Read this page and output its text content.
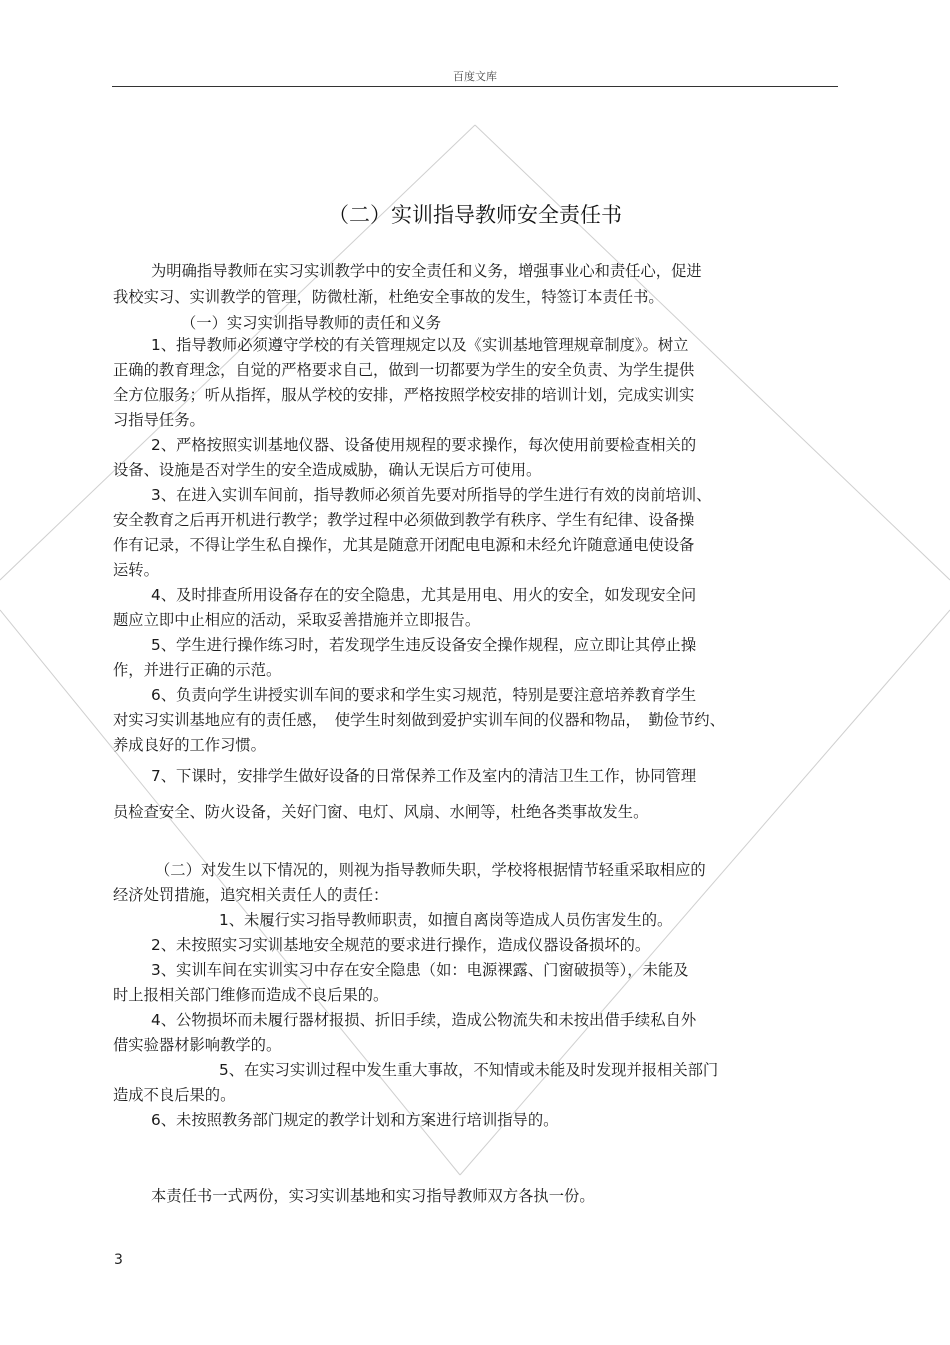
百度文库
（二）实训指导教师安全责任书
为明确指导教师在实习实训教学中的安全责任和义务，增强事业心和责任心，促进
我校实习、实训教学的管理，防微杜渐，杜绝安全事故的发生，特签订本责任书。
（一）实习实训指导教师的责任和义务
1、指导教师必须遵守学校的有关管理规定以及《实训基地管理规章制度》。树立
正确的教育理念，自觉的严格要求自己，做到一切都要为学生的安全负责、为学生提供
全方位服务；听从指挥，服从学校的安排，严格按照学校安排的培训计划，完成实训实
习指导任务。
2、严格按照实训基地仪器、设备使用规程的要求操作，每次使用前要检查相关的
设备、设施是否对学生的安全造成威胁，确认无误后方可使用。
3、在进入实训车间前，指导教师必须首先要对所指导的学生进行有效的岗前培训、
安全教育之后再开机进行教学；教学过程中必须做到教学有秩序、学生有纪律、设备操
作有记录，不得让学生私自操作，尤其是随意开闭配电电源和未经允许随意通电使设备
运转。
4、及时排查所用设备存在的安全隐患，尤其是用电、用火的安全，如发现安全问
题应立即中止相应的活动，采取妥善措施并立即报告。
5、学生进行操作练习时，若发现学生违反设备安全操作规程，应立即让其停止操
作，并进行正确的示范。
6、负责向学生讲授实训车间的要求和学生实习规范，特别是要注意培养教育学生
对实习实训基地应有的责任感，　使学生时刻做到爱护实训车间的仪器和物品，　勤俭节约、
养成良好的工作习惯。
7、下课时，安排学生做好设备的日常保养工作及室内的清洁卫生工作，协同管理
员检查安全、防火设备，关好门窗、电灯、风扇、水闸等，杜绝各类事故发生。
（二）对发生以下情况的，则视为指导教师失职，学校将根据情节轻重采取相应的
经济处罚措施，追究相关责任人的责任：
1、未履行实习指导教师职责，如擅自离岗等造成人员伤害发生的。
2、未按照实习实训基地安全规范的要求进行操作，造成仪器设备损坏的。
3、实训车间在实训实习中存在安全隐患（如：电源裸露、门窗破损等），未能及
时上报相关部门维修而造成不良后果的。
4、公物损坏而未履行器材报损、折旧手续，造成公物流失和未按出借手续私自外
借实验器材影响教学的。
5、在实习实训过程中发生重大事故，不知情或未能及时发现并报相关部门
造成不良后果的。
6、未按照教务部门规定的教学计划和方案进行培训指导的。
本责任书一式两份，实习实训基地和实习指导教师双方各执一份。
3
